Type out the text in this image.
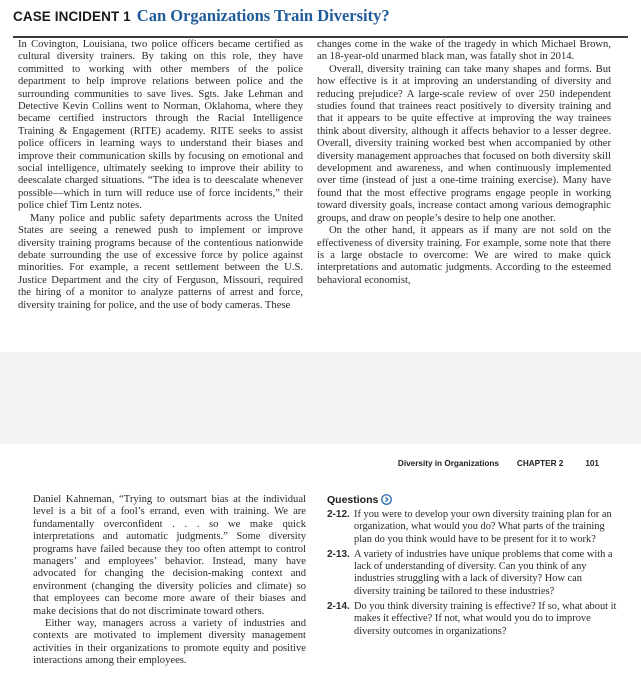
CASE INCIDENT 1 Can Organizations Train Diversity?

In Covington, Louisiana, two police officers became certified as cultural diversity trainers. By taking on this role, they have committed to working with other members of the police department to help improve relations between police and the surrounding communities to save lives. Sgts. Jake Lehman and Detective Kevin Collins went to Norman, Oklahoma, where they became certified instructors through the Racial Intelligence Training & Engagement (RITE) academy. RITE seeks to assist police officers in learning ways to understand their biases and improve their communication skills by focusing on emotional and social intelligence, ultimately seeking to improve their ability to deescalate charged situations. “The idea is to deescalate whenever possible—which in turn will reduce use of force incidents,” their police chief Tim Lentz notes.

Many police and public safety departments across the United States are seeing a renewed push to implement or improve diversity training programs because of the contentious nationwide debate surrounding the use of excessive force by police against minorities. For example, a recent settlement between the U.S. Justice Department and the city of Ferguson, Missouri, required the hiring of a monitor to analyze patterns of arrest and force, diversity training for police, and the use of body cameras. These

changes come in the wake of the tragedy in which Michael Brown, an 18-year-old unarmed black man, was fatally shot in 2014.

Overall, diversity training can take many shapes and forms. But how effective is it at improving an understanding of diversity and reducing prejudice? A large-scale review of over 250 independent studies found that trainees react positively to diversity training and that it appears to be quite effective at improving the way trainees think about diversity, although it affects behavior to a lesser degree. Overall, diversity training worked best when accompanied by other diversity management approaches that focused on both diversity skill development and awareness, and when continuously implemented over time (instead of just a one-time training exercise). Many have found that the most effective programs engage people in working toward diversity goals, increase contact among various demographic groups, and draw on people’s desire to help one another.

On the other hand, it appears as if many are not sold on the effectiveness of diversity training. For example, some note that there is a large obstacle to overcome: We are wired to make quick interpretations and automatic judgments. According to the esteemed behavioral economist,

Diversity in Organizations CHAPTER 2	101

Daniel Kahneman, “Trying to outsmart bias at the individual level is a bit of a fool’s errand, even with training. We are fundamentally overconfident . . . so we make quick interpretations and automatic judgments.” Some diversity programs have failed because they too often attempt to control managers’ and employees’ behavior. Instead, many have advocated for changing the decision-making context and environment (changing the diversity policies and climate) so that employees can become more aware of their biases and make decisions that do not discriminate toward others.

Either way, managers across a variety of industries and contexts are motivated to implement diversity management activities in their organizations to promote equity and positive interactions among their employees.

Questions
2-12. If you were to develop your own diversity training plan for an organization, what would you do? What parts of the training plan do you think would have to be present for it to work?
2-13. A variety of industries have unique problems that come with a lack of understanding of diversity. Can you think of any industries struggling with a lack of diversity? How can diversity training be tailored to these industries?
2-14. Do you think diversity training is effective? If so, what about it makes it effective? If not, what would you do to improve diversity outcomes in organizations?
